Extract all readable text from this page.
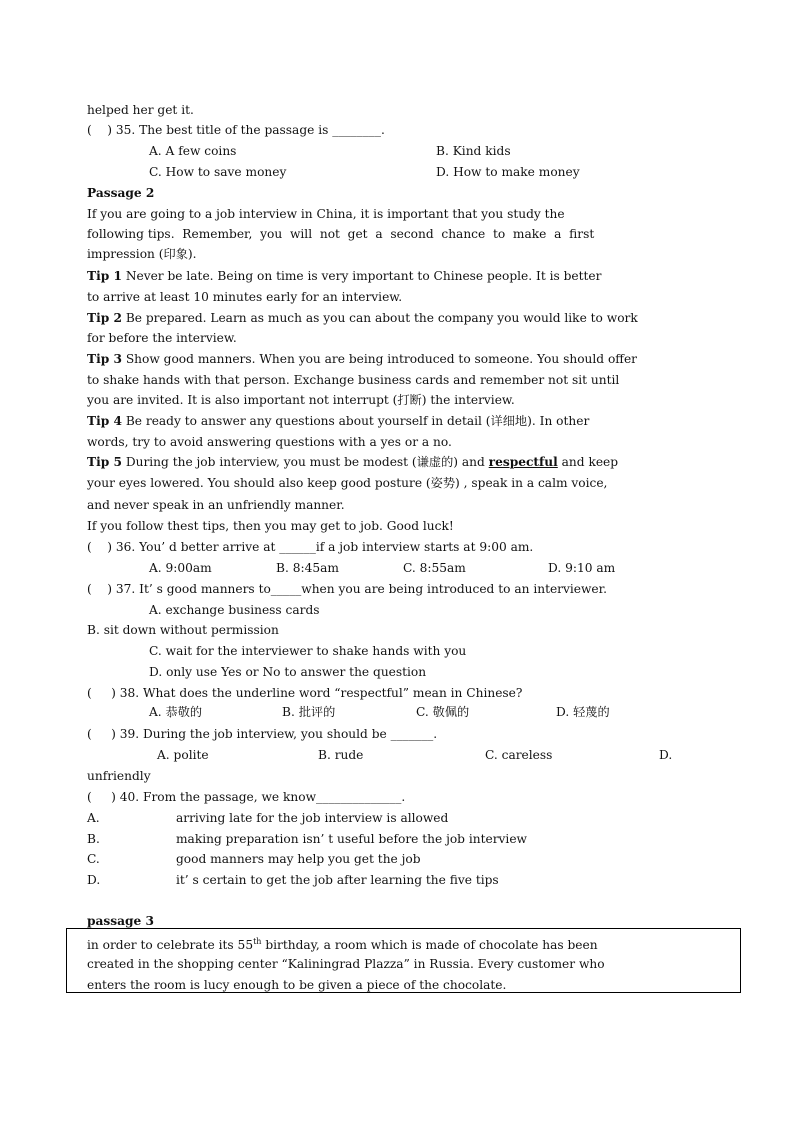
helped her get it.
(    ) 35. The best title of the passage is ________.
A. A few coins	B. Kind kids
C. How to save money	D. How to make money
Passage 2
If you are going to a job interview in China, it is important that you study the
following tips.  Remember,  you  will  not  get  a  second  chance  to  make  a  first
impression (印象).
Tip 1 Never be late. Being on time is very important to Chinese people. It is better
to arrive at least 10 minutes early for an interview.
Tip 2 Be prepared. Learn as much as you can about the company you would like to work
for before the interview.
Tip 3 Show good manners. When you are being introduced to someone. You should offer
to shake hands with that person. Exchange business cards and remember not sit until
you are invited. It is also important not interrupt (打断) the interview.
Tip 4 Be ready to answer any questions about yourself in detail (详细地). In other
words, try to avoid answering questions with a yes or a no.
Tip 5 During the job interview, you must be modest (谦虚的) and respectful and keep
your eyes lowered. You should also keep good posture (姿势) , speak in a calm voice,
and never speak in an unfriendly manner.
If you follow thest tips, then you may get to job. Good luck!
(    ) 36. You’ d better arrive at ______if a job interview starts at 9:00 am.
A. 9:00am	B. 8:45am	C. 8:55am	D. 9:10 am
(    ) 37. It’ s good manners to_____when you are being introduced to an interviewer.
A. exchange business cards
B. sit down without permission
C. wait for the interviewer to shake hands with you
D. only use Yes or No to answer the question
(     ) 38. What does the underline word “respectful” mean in Chinese?
A. 恭敬的	B. 批评的	C. 敬佩的	D. 轻蔑的
(     ) 39. During the job interview, you should be _______.
A. polite	B. rude	C. careless	D.
unfriendly
(     ) 40. From the passage, we know______________.
A.	arriving late for the job interview is allowed
B.	making preparation isn’ t useful before the job interview
C.	good manners may help you get the job
D.	it’ s certain to get the job after learning the five tips
passage 3
in order to celebrate its 55th birthday, a room which is made of chocolate has been
created in the shopping center “Kaliningrad Plazza” in Russia. Every customer who
enters the room is lucy enough to be given a piece of the chocolate.
